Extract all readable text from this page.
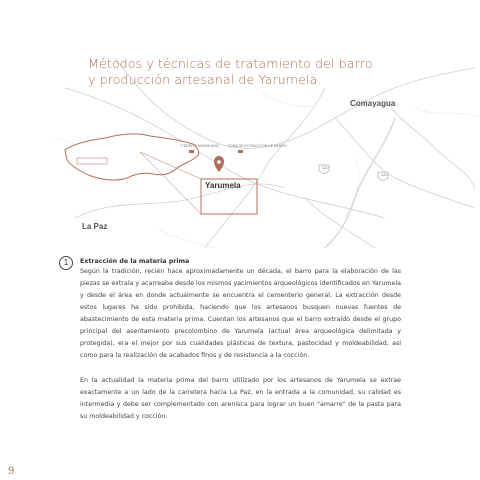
Métodos y técnicas de tratamiento del barro
y producción artesanal de Yarumela.
Comayagua
La Paz
Yarumela
"CERRITO MANIGUAYA" ZONA DE EXTRACCIÓN DE BARRO
CA7
CA7
1	Extracción de la materia prima
Según la tradición, recién hace aproximadamente un década, el barro para la elaboración de las piezas se extraía y acarreaba desde los mismos yacimientos arqueológicos identificados en Yarumela y desde el área en donde actualmente se encuentra el cementerio general. La extracción desde estos lugares ha sido prohibida, haciendo que los artesanos busquen nuevas fuentes de abastecimiento de esta materia prima. Cuentan los artesanos que el barro extraído desde el grupo principal del asentamiento precolombino de Yarumela (actual área arqueológica delimitada y protegida), era el mejor por sus cualidades plásticas de textura, pastocidad y moldeabilidad, así como para la realización de acabados finos y de resistencia a la cocción.
En la actualidad la materia prima del barro utilizado por los artesanos de Yarumela se extrae exactamente a un lado de la carretera hacia La Paz, en la entrada a la comunidad, su calidad es intermedia y debe ser complementado con arenisca para lograr un buen "amarre" de la pasta para su moldeabilidad y cocción.
9
